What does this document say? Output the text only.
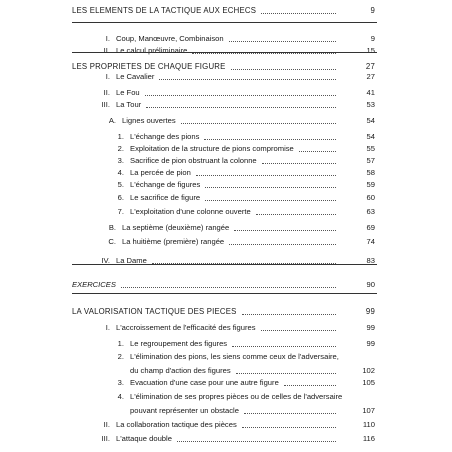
LES ELEMENTS DE LA TACTIQUE AUX ECHECS	9
I. Coup, Manœuvre, Combinaison	9
II. Le calcul préliminaire	15
LES PROPRIETES DE CHAQUE FIGURE	27
I. Le Cavalier	27
II. Le Fou	41
III. La Tour	53
A. Lignes ouvertes	54
1. L'échange des pions	54
2. Exploitation de la structure de pions compromise	55
3. Sacrifice de pion obstruant la colonne	57
4. La percée de pion	58
5. L'échange de figures	59
6. Le sacrifice de figure	60
7. L'exploitation d'une colonne ouverte	63
B. La septième (deuxième) rangée	69
C. La huitième (première) rangée	74
IV. La Dame	83
EXERCICES	90
LA VALORISATION TACTIQUE DES PIECES	99
I. L'accroissement de l'efficacité des figures	99
1. Le regroupement des figures	99
2. L'élimination des pions, les siens comme ceux de l'adversaire,
du champ d'action des figures	102
3. Evacuation d'une case pour une autre figure	105
4. L'élimination de ses propres pièces ou de celles de l'adversaire
pouvant représenter un obstacle	107
II. La collaboration tactique des pièces	110
III. L'attaque double	116
